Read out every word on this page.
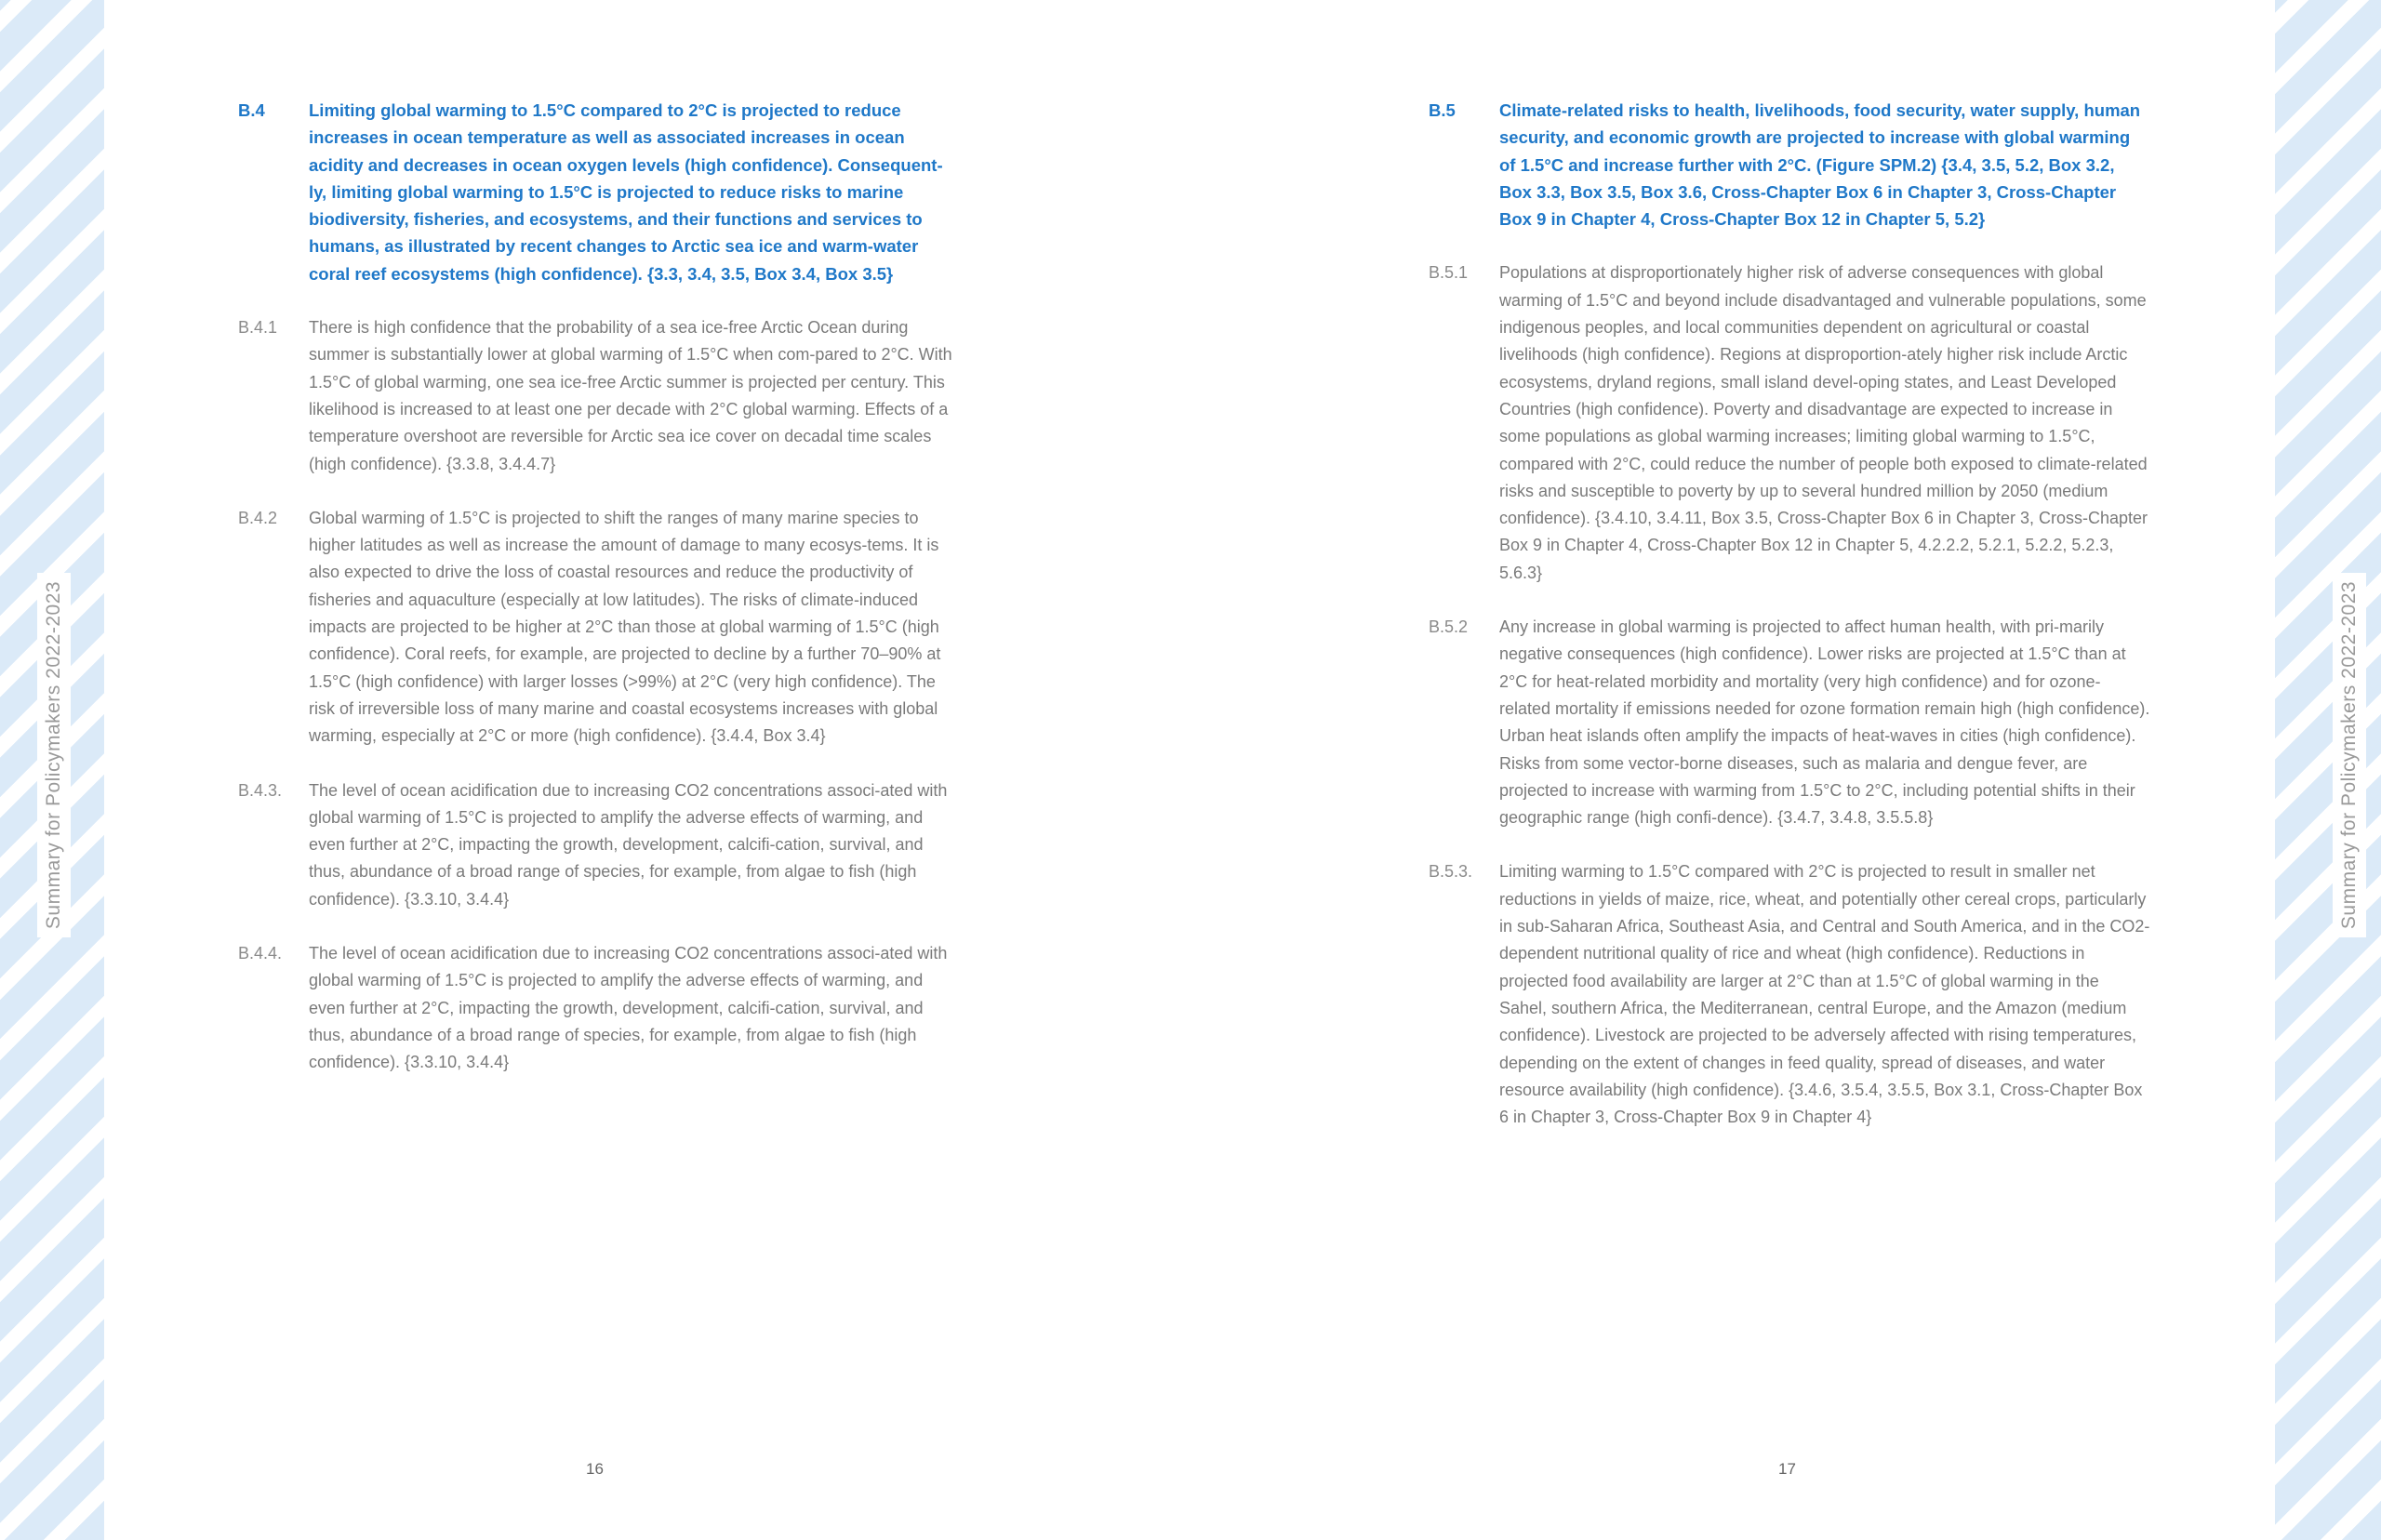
Summary for Policymakers 2022-2023	Summary for Policymakers 2022-2023
B.4	Limiting global warming to 1.5°C compared to 2°C is projected to reduce increases in ocean temperature as well as associated increases in ocean acidity and decreases in ocean oxygen levels (high confidence). Consequent-ly, limiting global warming to 1.5°C is projected to reduce risks to marine biodiversity, fisheries, and ecosystems, and their functions and services to humans, as illustrated by recent changes to Arctic sea ice and warm-water coral reef ecosystems (high confidence). {3.3, 3.4, 3.5, Box 3.4, Box 3.5}
B.4.1	There is high confidence that the probability of a sea ice-free Arctic Ocean during summer is substantially lower at global warming of 1.5°C when com-pared to 2°C. With 1.5°C of global warming, one sea ice-free Arctic summer is projected per century. This likelihood is increased to at least one per decade with 2°C global warming. Effects of a temperature overshoot are reversible for Arctic sea ice cover on decadal time scales (high confidence). {3.3.8, 3.4.4.7}
B.4.2	Global warming of 1.5°C is projected to shift the ranges of many marine species to higher latitudes as well as increase the amount of damage to many ecosys-tems. It is also expected to drive the loss of coastal resources and reduce the productivity of fisheries and aquaculture (especially at low latitudes). The risks of climate-induced impacts are projected to be higher at 2°C than those at global warming of 1.5°C (high confidence). Coral reefs, for example, are projected to decline by a further 70–90% at 1.5°C (high confidence) with larger losses (>99%) at 2°C (very high confidence). The risk of irreversible loss of many marine and coastal ecosystems increases with global warming, especially at 2°C or more (high confidence). {3.4.4, Box 3.4}
B.4.3.	The level of ocean acidification due to increasing CO2 concentrations associ-ated with global warming of 1.5°C is projected to amplify the adverse effects of warming, and even further at 2°C, impacting the growth, development, calcifi-cation, survival, and thus, abundance of a broad range of species, for example, from algae to fish (high confidence). {3.3.10, 3.4.4}
B.4.4.	The level of ocean acidification due to increasing CO2 concentrations associ-ated with global warming of 1.5°C is projected to amplify the adverse effects of warming, and even further at 2°C, impacting the growth, development, calcifi-cation, survival, and thus, abundance of a broad range of species, for example, from algae to fish (high confidence). {3.3.10, 3.4.4}
B.5	Climate-related risks to health, livelihoods, food security, water supply, human security, and economic growth are projected to increase with global warming of 1.5°C and increase further with 2°C. (Figure SPM.2) {3.4, 3.5, 5.2, Box 3.2, Box 3.3, Box 3.5, Box 3.6, Cross-Chapter Box 6 in Chapter 3, Cross-Chapter Box 9 in Chapter 4, Cross-Chapter Box 12 in Chapter 5, 5.2}
B.5.1	Populations at disproportionately higher risk of adverse consequences with global warming of 1.5°C and beyond include disadvantaged and vulnerable populations, some indigenous peoples, and local communities dependent on agricultural or coastal livelihoods (high confidence). Regions at disproportion-ately higher risk include Arctic ecosystems, dryland regions, small island devel-oping states, and Least Developed Countries (high confidence). Poverty and disadvantage are expected to increase in some populations as global warming increases; limiting global warming to 1.5°C, compared with 2°C, could reduce the number of people both exposed to climate-related risks and susceptible to poverty by up to several hundred million by 2050 (medium confidence). {3.4.10, 3.4.11, Box 3.5, Cross-Chapter Box 6 in Chapter 3, Cross-Chapter Box 9 in Chapter 4, Cross-Chapter Box 12 in Chapter 5, 4.2.2.2, 5.2.1, 5.2.2, 5.2.3, 5.6.3}
B.5.2	Any increase in global warming is projected to affect human health, with pri-marily negative consequences (high confidence). Lower risks are projected at 1.5°C than at 2°C for heat-related morbidity and mortality (very high confidence) and for ozone-related mortality if emissions needed for ozone formation remain high (high confidence). Urban heat islands often amplify the impacts of heat-waves in cities (high confidence). Risks from some vector-borne diseases, such as malaria and dengue fever, are projected to increase with warming from 1.5°C to 2°C, including potential shifts in their geographic range (high confi-dence). {3.4.7, 3.4.8, 3.5.5.8}
B.5.3.	Limiting warming to 1.5°C compared with 2°C is projected to result in smaller net reductions in yields of maize, rice, wheat, and potentially other cereal crops, particularly in sub-Saharan Africa, Southeast Asia, and Central and South America, and in the CO2-dependent nutritional quality of rice and wheat (high confidence). Reductions in projected food availability are larger at 2°C than at 1.5°C of global warming in the Sahel, southern Africa, the Mediterranean, central Europe, and the Amazon (medium confidence). Livestock are projected to be adversely affected with rising temperatures, depending on the extent of changes in feed quality, spread of diseases, and water resource availability (high confidence). {3.4.6, 3.5.4, 3.5.5, Box 3.1, Cross-Chapter Box 6 in Chapter 3, Cross-Chapter Box 9 in Chapter 4}
16	17
